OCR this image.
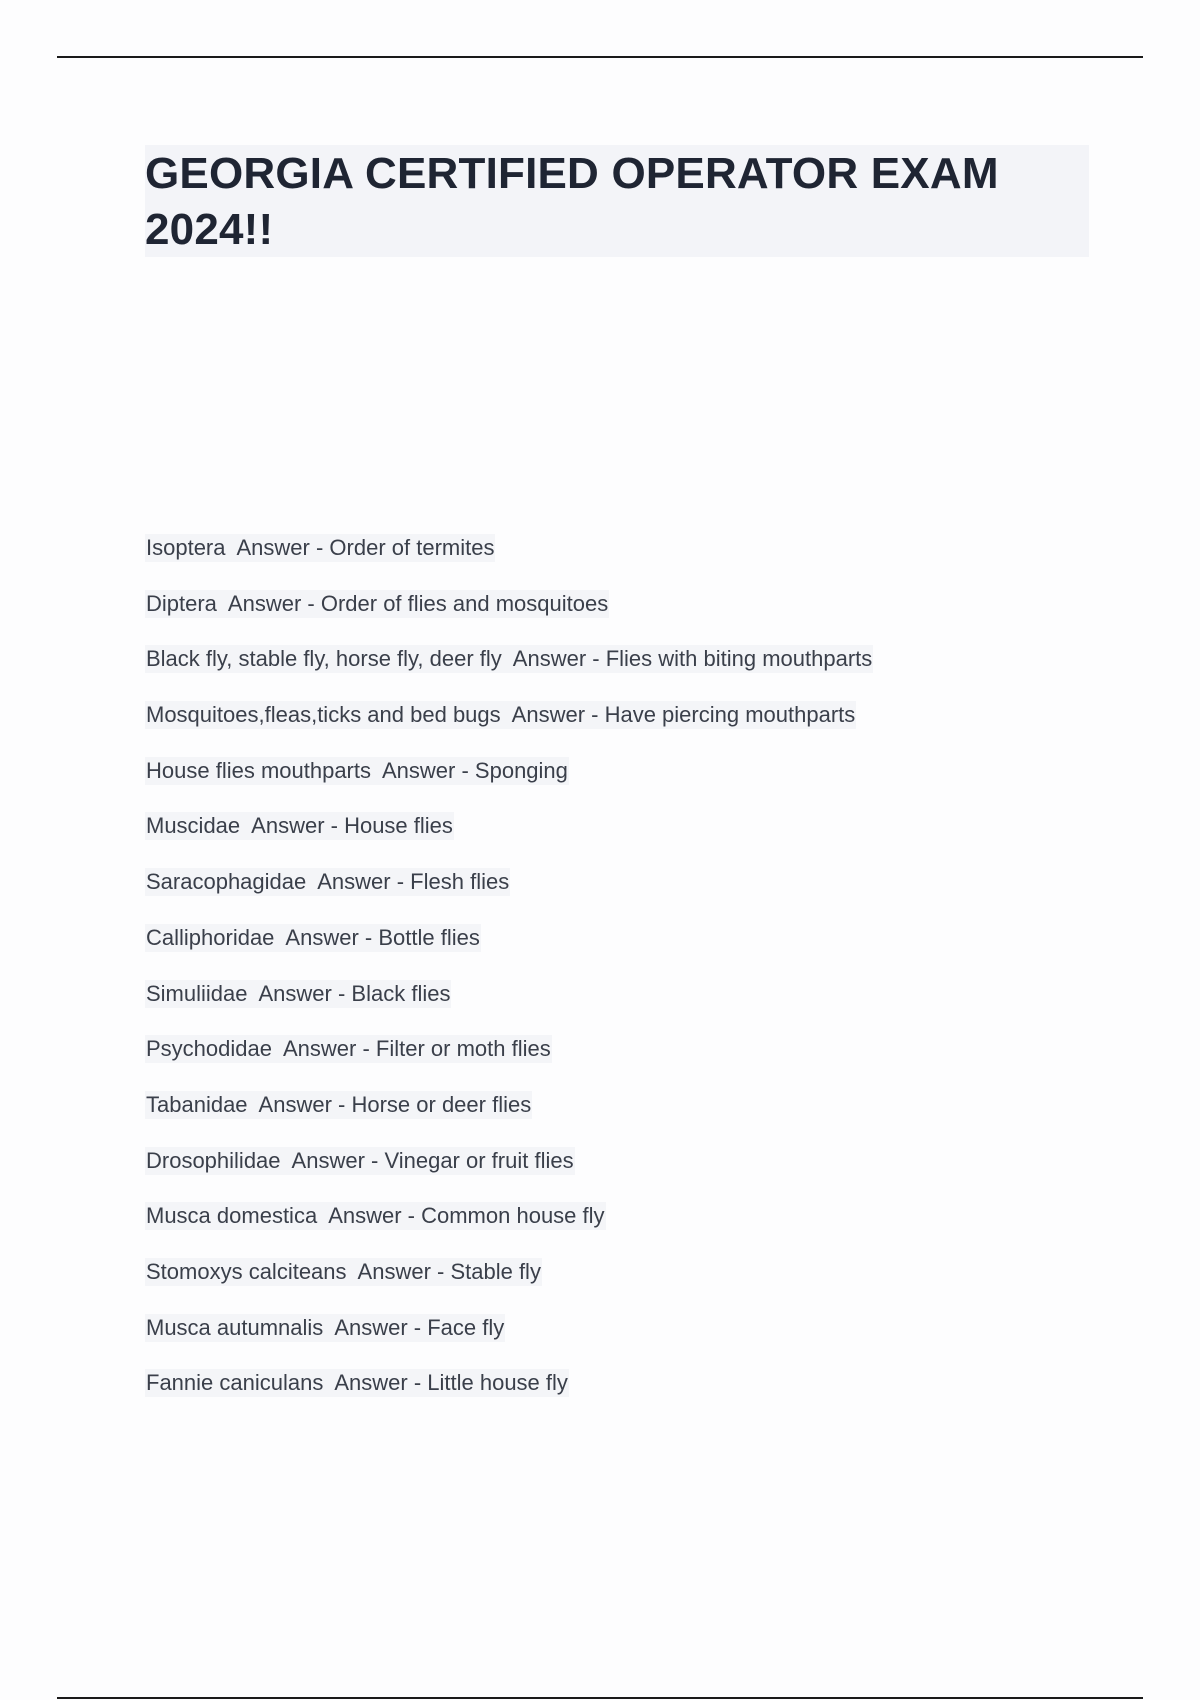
GEORGIA CERTIFIED OPERATOR EXAM 2024!!
Isoptera  Answer - Order of termites
Diptera  Answer - Order of flies and mosquitoes
Black fly, stable fly, horse fly, deer fly  Answer - Flies with biting mouthparts
Mosquitoes,fleas,ticks and bed bugs  Answer - Have piercing mouthparts
House flies mouthparts  Answer - Sponging
Muscidae  Answer - House flies
Saracophagidae  Answer - Flesh flies
Calliphoridae  Answer - Bottle flies
Simuliidae  Answer - Black flies
Psychodidae  Answer - Filter or moth flies
Tabanidae  Answer - Horse or deer flies
Drosophilidae  Answer - Vinegar or fruit flies
Musca domestica  Answer - Common house fly
Stomoxys calciteans  Answer - Stable fly
Musca autumnalis  Answer - Face fly
Fannie caniculans  Answer - Little house fly
